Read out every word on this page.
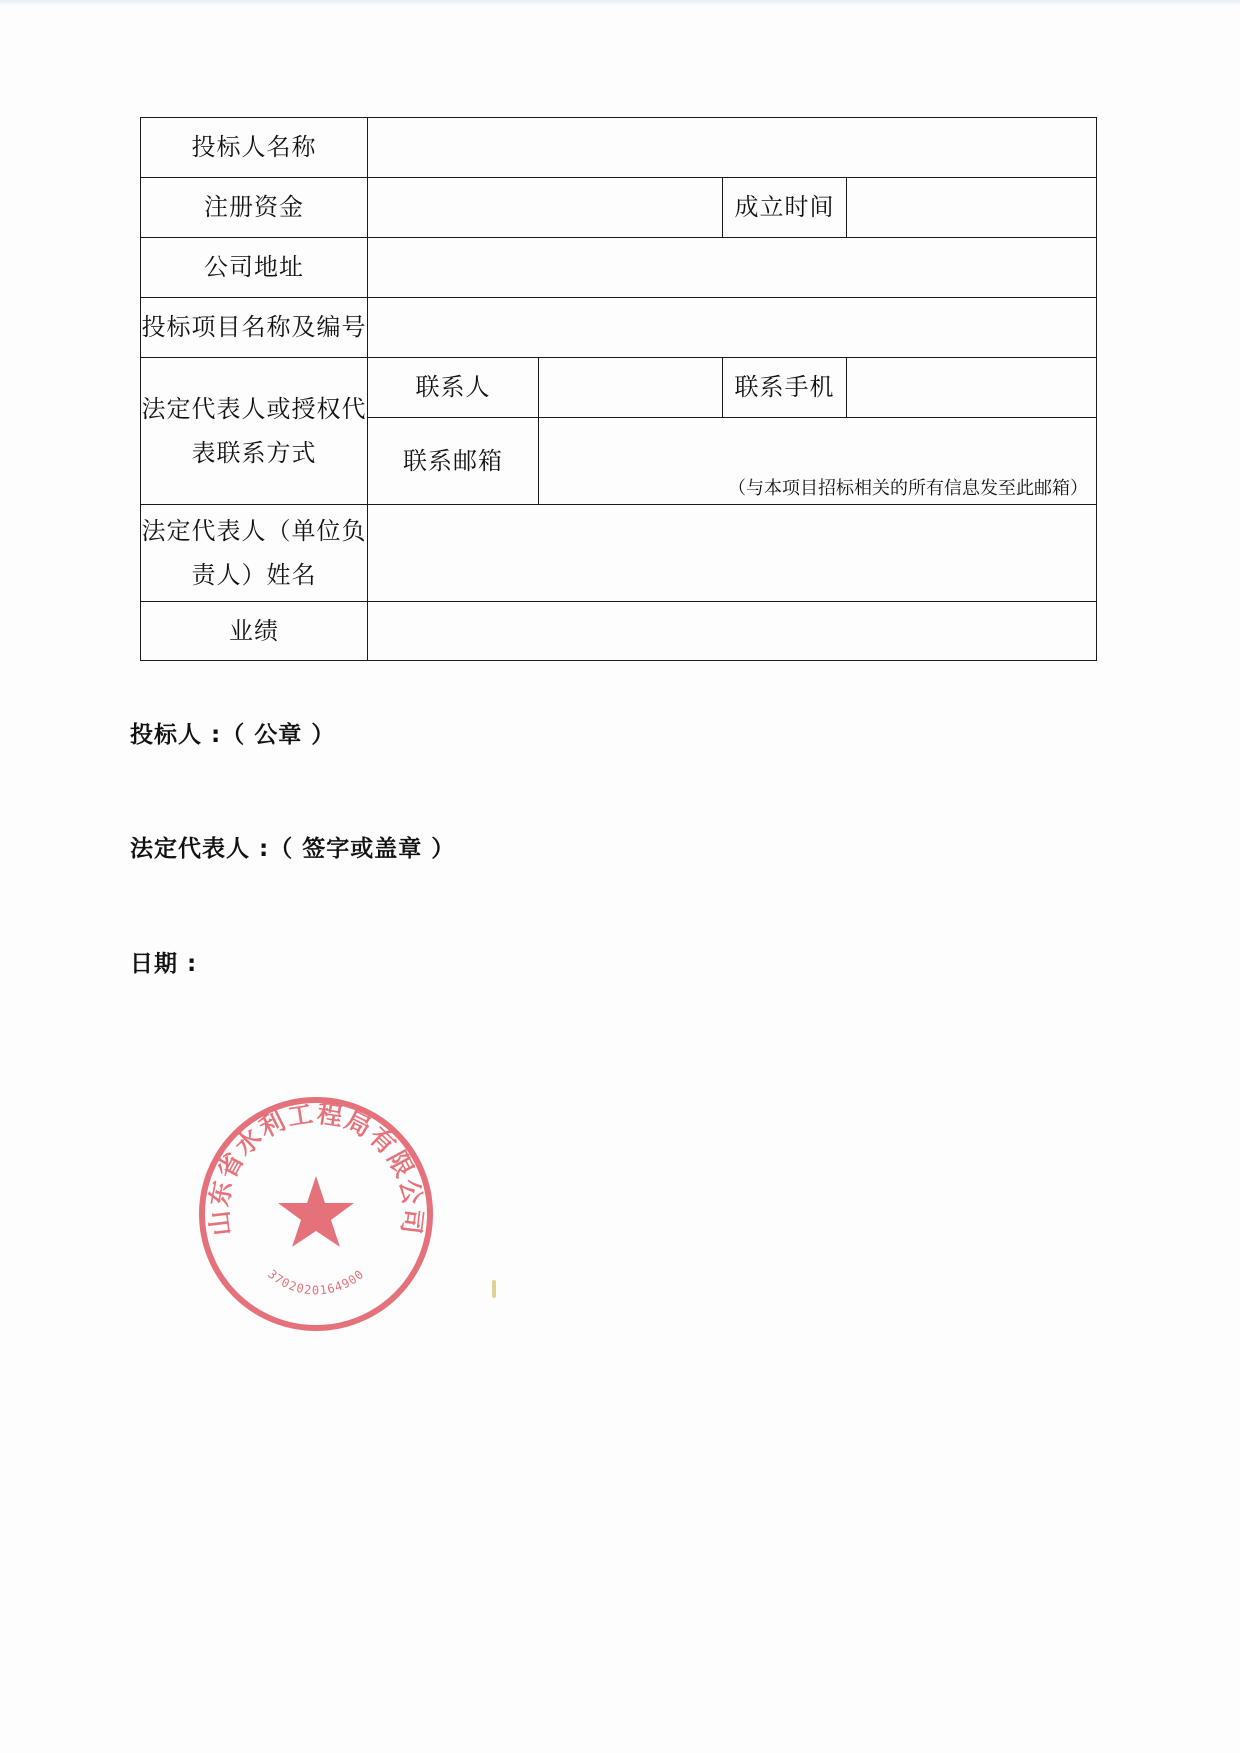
投标人名称				
注册资金			成立时间	
公司地址				
投标项目名称及编号				
法定代表人或授权代表联系方式	联系人		联系手机	
	联系邮箱	（与本项目招标相关的所有信息发至此邮箱）		

法定代表人（单位负责人）姓名				
业绩				
投标人 :（ 公章 ）
法定代表人 :（ 签字或盖章 ）
日期 :
山东省水利工程局有限公司
3702020164900
